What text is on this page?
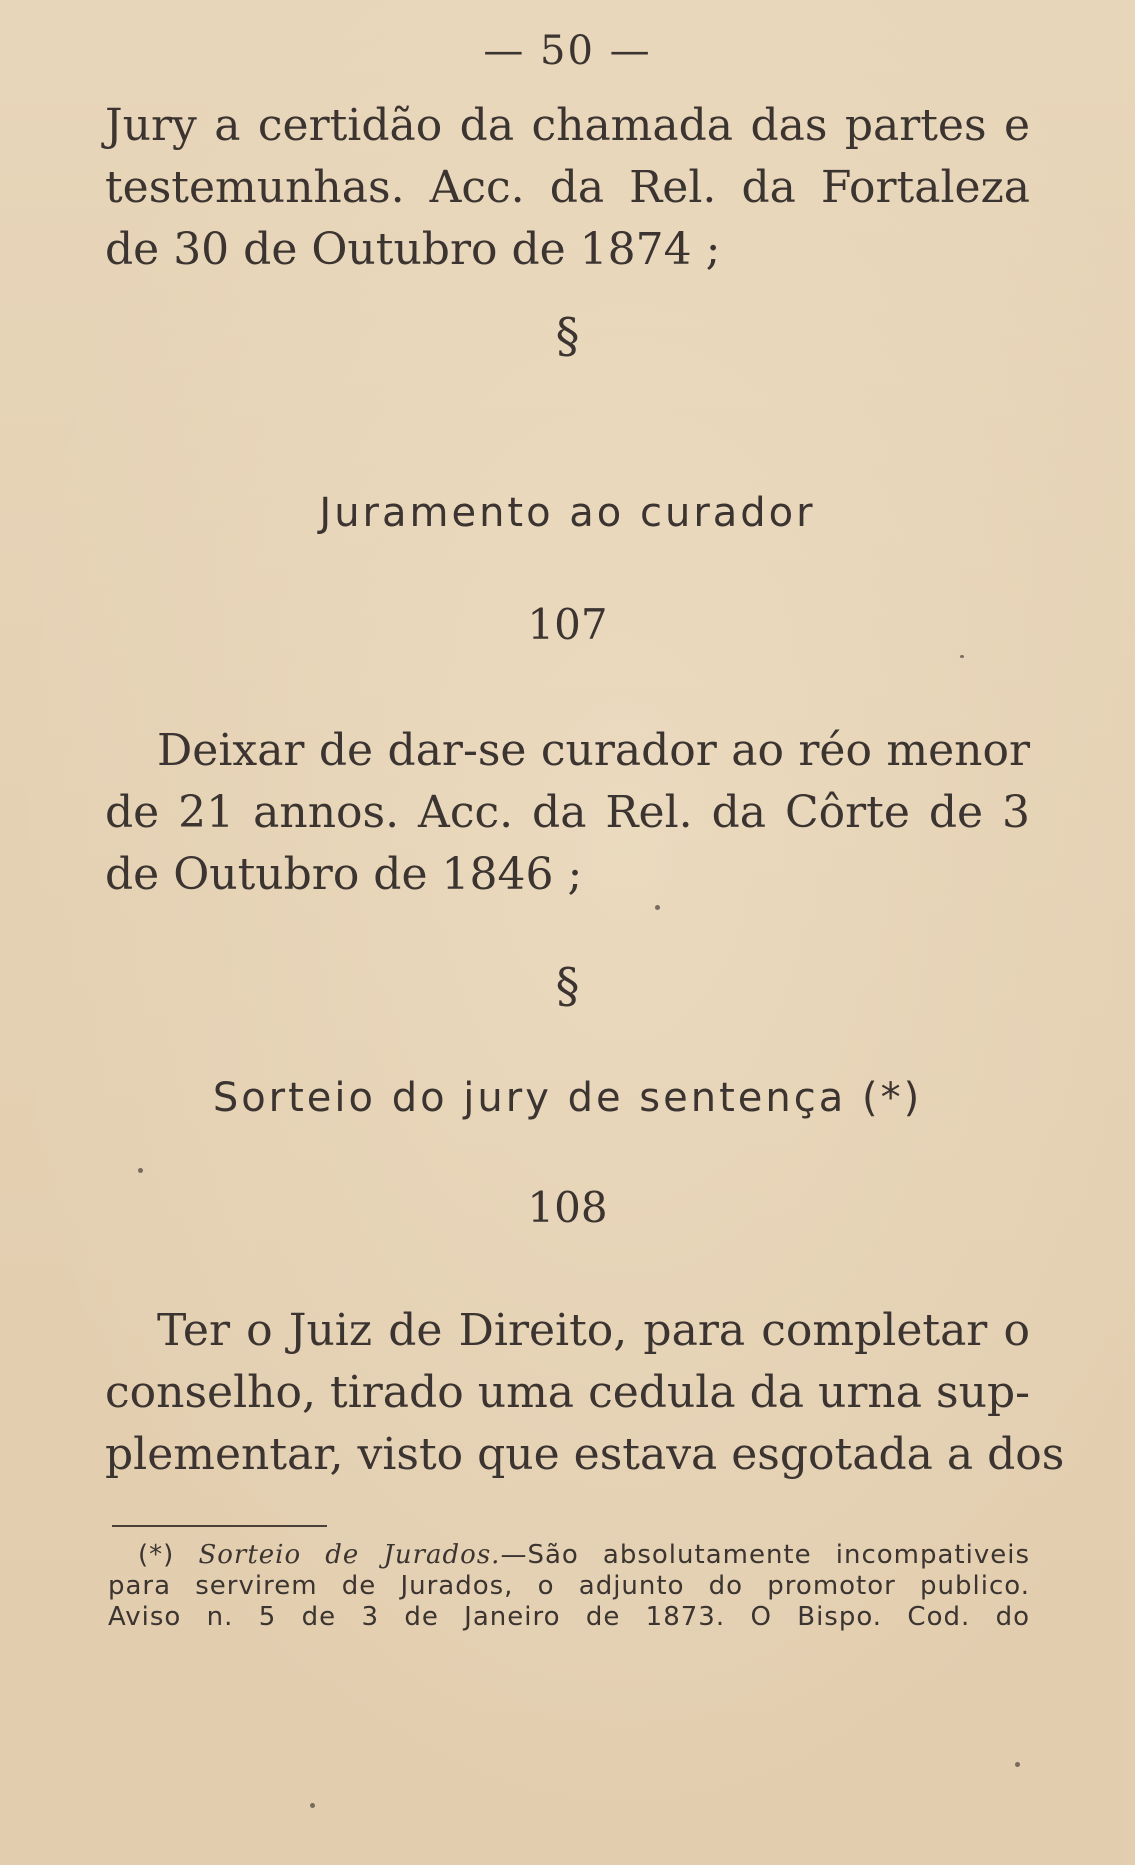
— 50 —
Jury a certidão da chamada das partes e
testemunhas. Acc. da Rel. da Fortaleza
de 30 de Outubro de 1874 ;
§
Juramento ao curador
107
Deixar de dar-se curador ao réo menor
de 21 annos. Acc. da Rel. da Côrte de 3
de Outubro de 1846 ;
§
Sorteio do jury de sentença (*)
108
Ter o Juiz de Direito, para completar o
conselho, tirado uma cedula da urna sup-
plementar, visto que estava esgotada a dos
(*) Sorteio de Jurados.—São absolutamente incompativeis
para servirem de Jurados, o adjunto do promotor publico.
Aviso n. 5 de 3 de Janeiro de 1873. O Bispo. Cod. do
